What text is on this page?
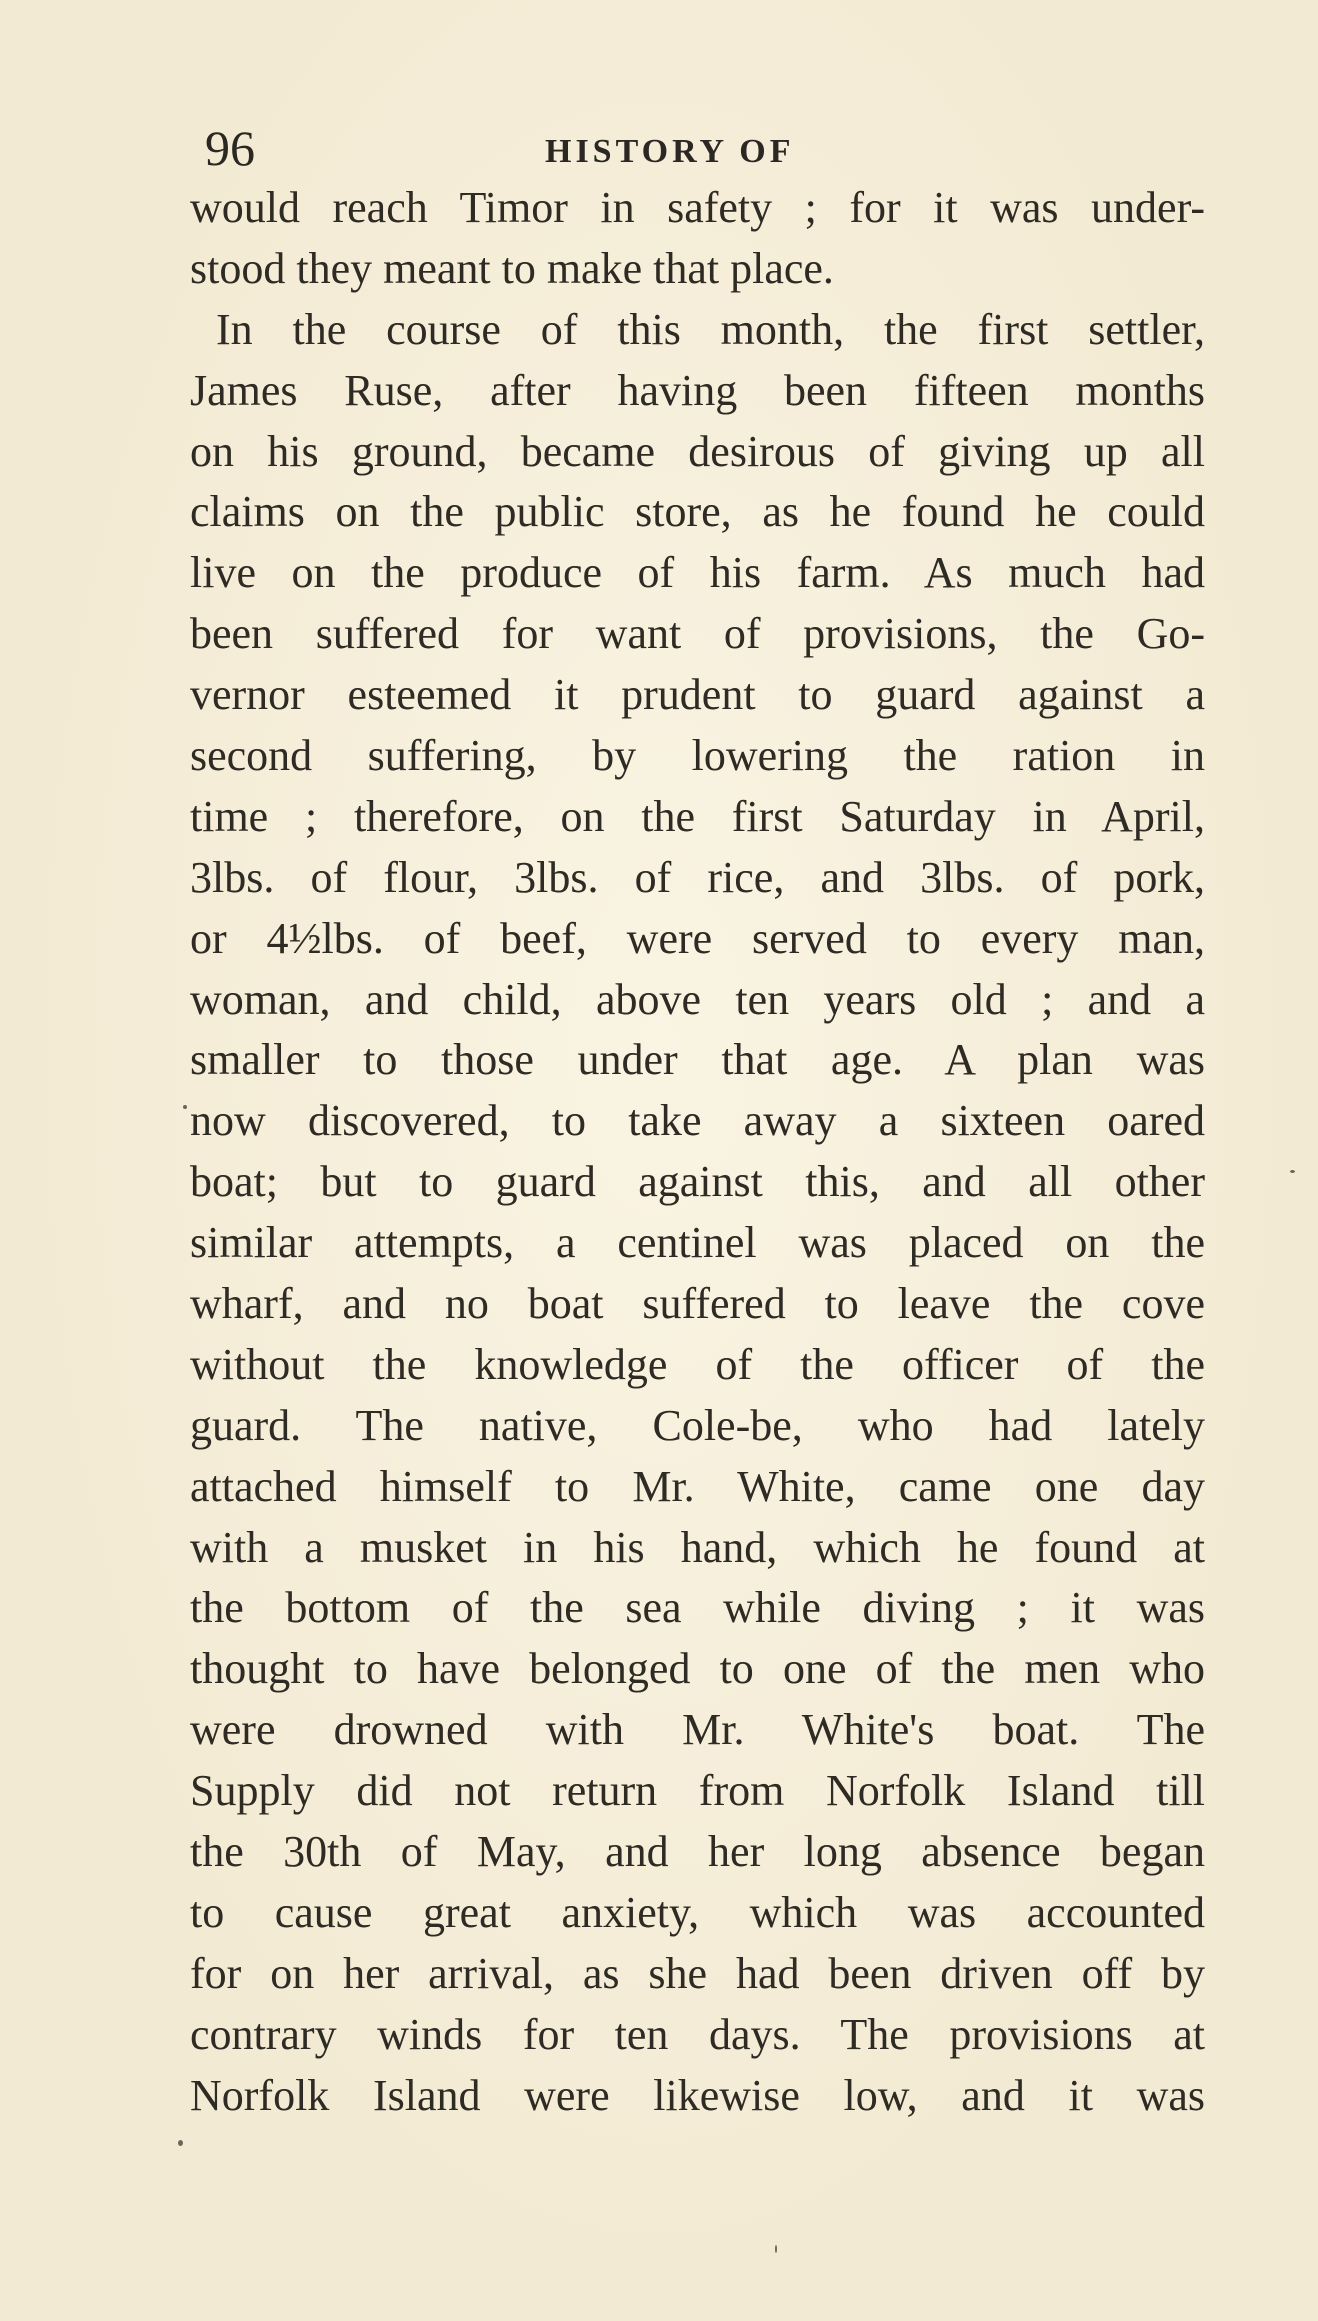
96	HISTORY OF
would reach Timor in safety ; for it was under-
stood they meant to make that place.
In the course of this month, the first settler,
James Ruse, after having been fifteen months
on his ground, became desirous of giving up all
claims on the public store, as he found he could
live on the produce of his farm. As much had
been suffered for want of provisions, the Go-
vernor esteemed it prudent to guard against a
second suffering, by lowering the ration in
time ; therefore, on the first Saturday in April,
3lbs. of flour, 3lbs. of rice, and 3lbs. of pork,
or 4½lbs. of beef, were served to every man,
woman, and child, above ten years old ; and a
smaller to those under that age. A plan was
now discovered, to take away a sixteen oared
boat; but to guard against this, and all other
similar attempts, a centinel was placed on the
wharf, and no boat suffered to leave the cove
without the knowledge of the officer of the
guard. The native, Cole-be, who had lately
attached himself to Mr. White, came one day
with a musket in his hand, which he found at
the bottom of the sea while diving ; it was
thought to have belonged to one of the men who
were drowned with Mr. White's boat. The
Supply did not return from Norfolk Island till
the 30th of May, and her long absence began
to cause great anxiety, which was accounted
for on her arrival, as she had been driven off by
contrary winds for ten days. The provisions at
Norfolk Island were likewise low, and it was
